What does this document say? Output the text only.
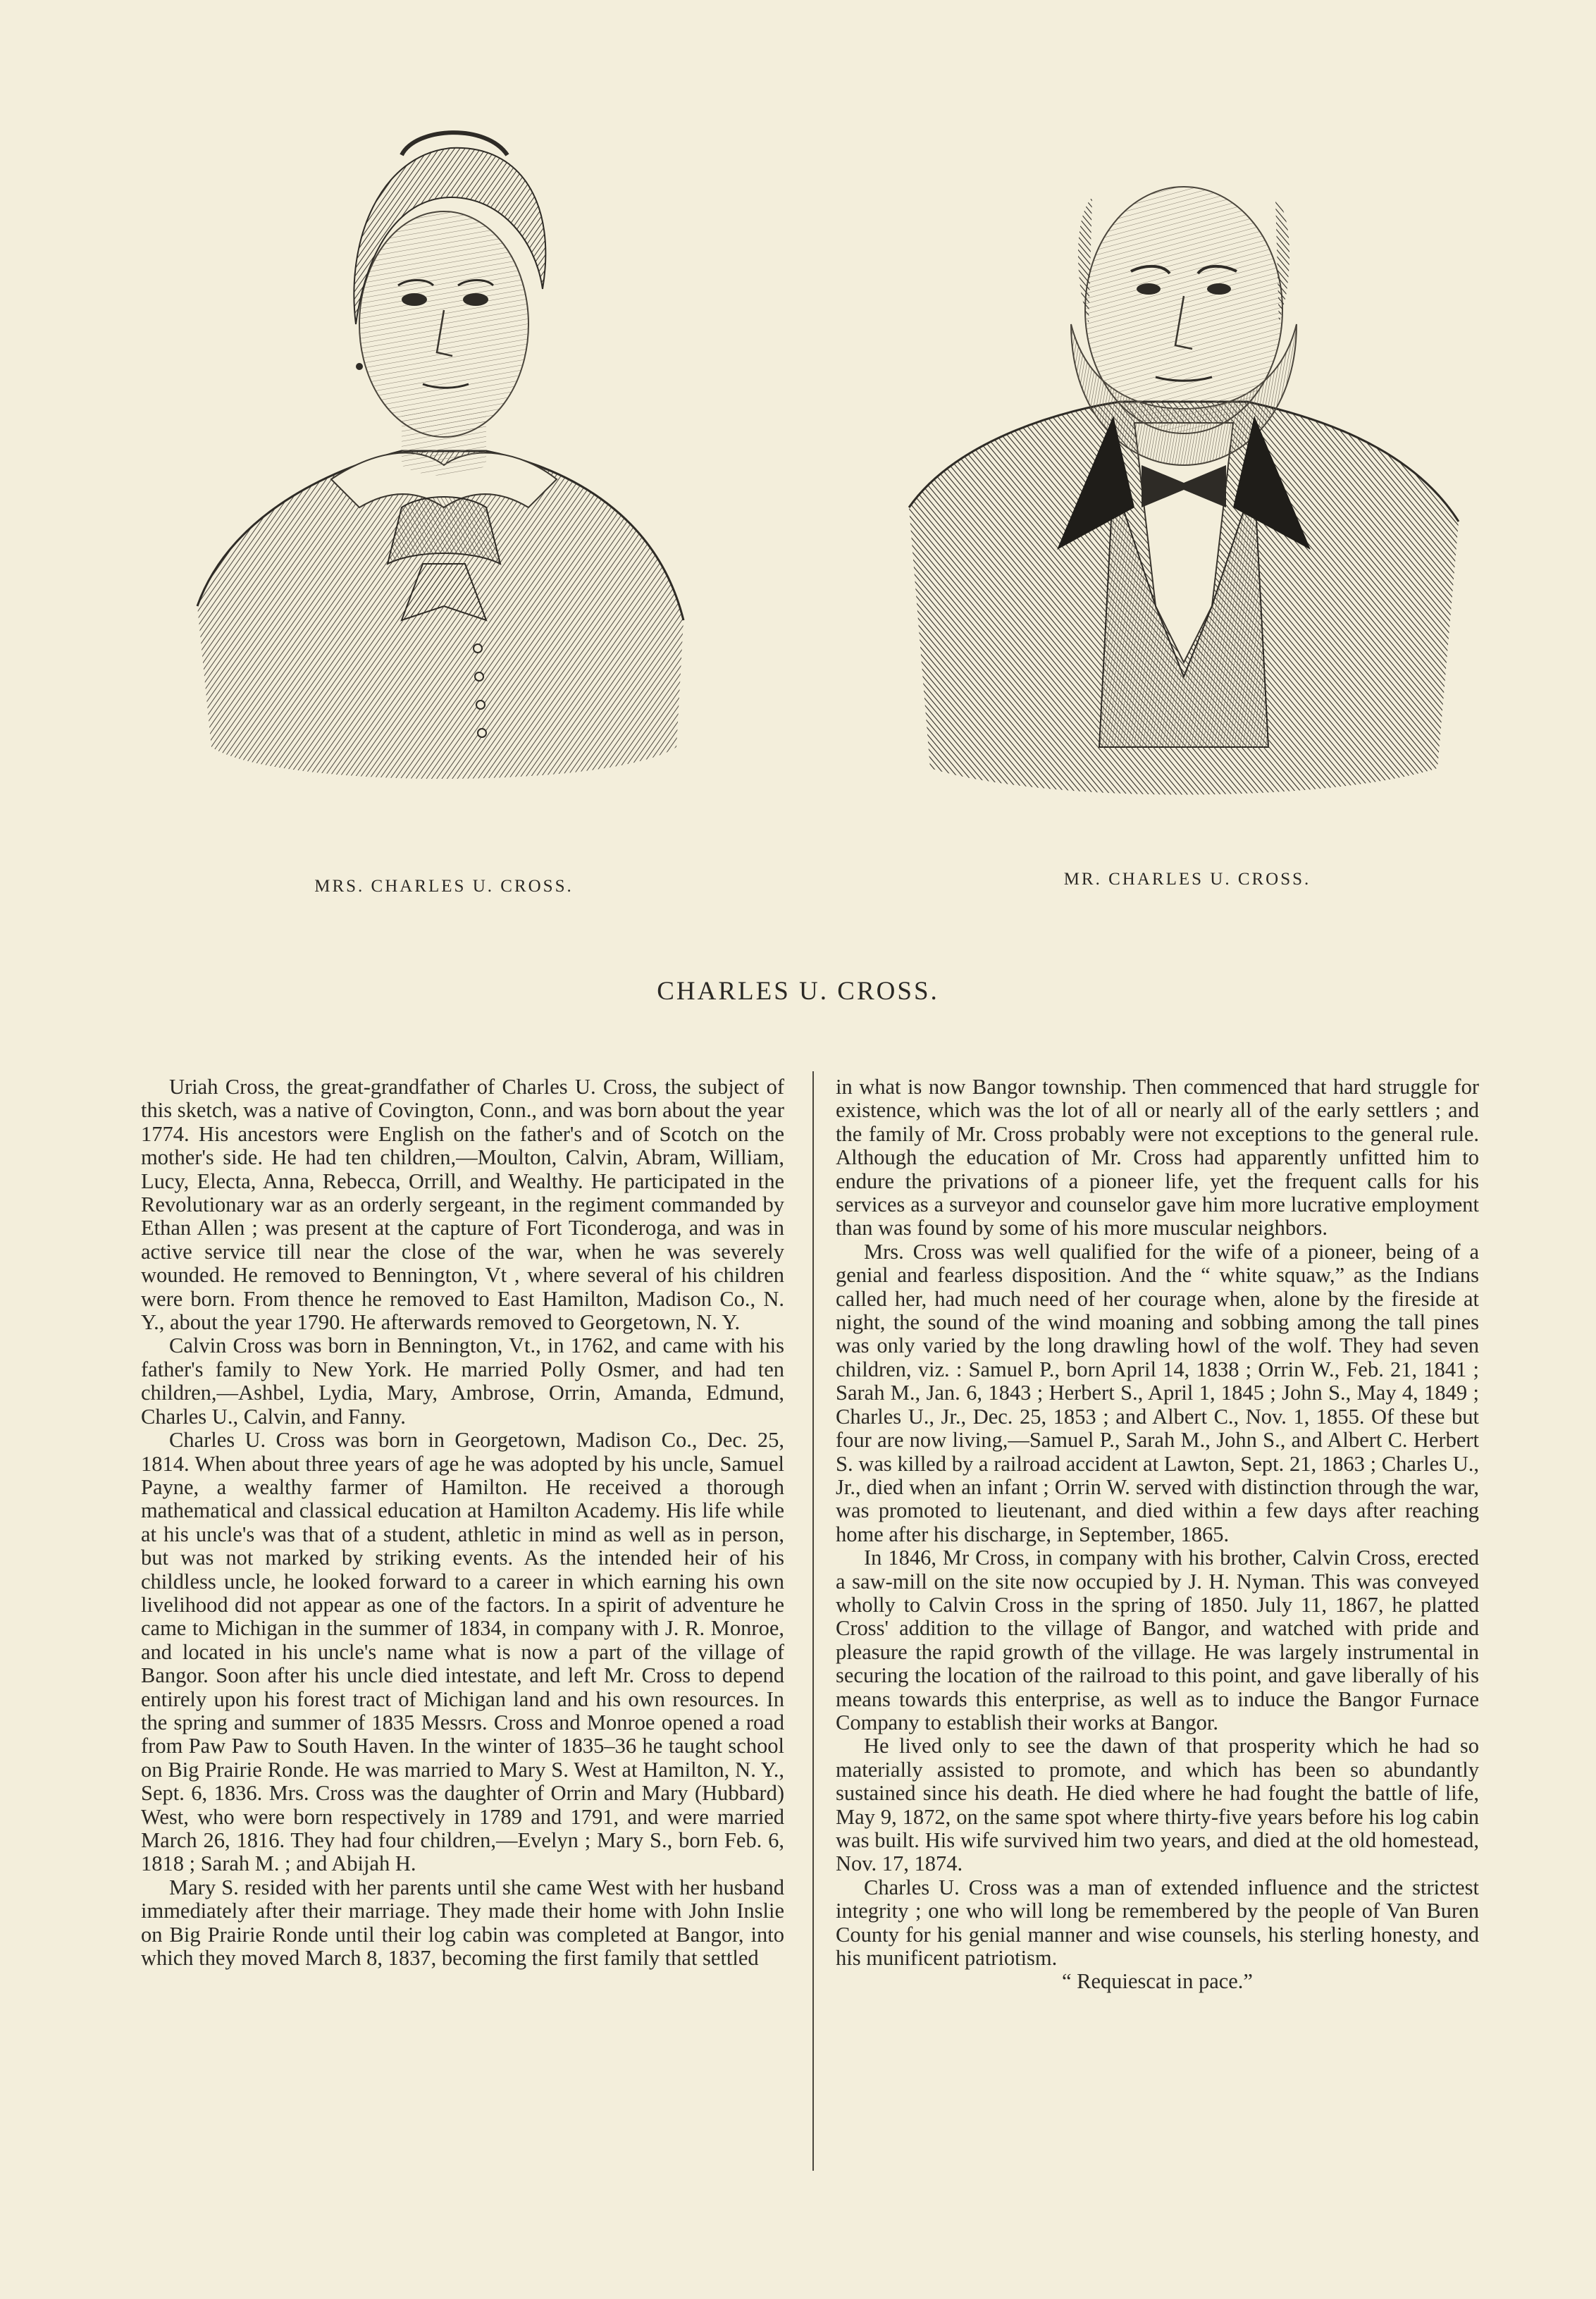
MRS. CHARLES U. CROSS.	MR. CHARLES U. CROSS.
CHARLES U. CROSS.

Uriah Cross, the great-grandfather of Charles U. Cross, the subject of this sketch, was a native of Covington, Conn., and was born about the year 1774. His ancestors were English on the father's and of Scotch on the mother's side. He had ten children,—Moulton, Calvin, Abram, William, Lucy, Electa, Anna, Rebecca, Orrill, and Wealthy. He participated in the Revolutionary war as an orderly sergeant, in the regiment commanded by Ethan Allen ; was present at the capture of Fort Ticonderoga, and was in active service till near the close of the war, when he was severely wounded. He removed to Bennington, Vt , where several of his children were born. From thence he removed to East Hamilton, Madison Co., N. Y., about the year 1790. He afterwards removed to Georgetown, N. Y.

Calvin Cross was born in Bennington, Vt., in 1762, and came with his father's family to New York. He married Polly Osmer, and had ten children,—Ashbel, Lydia, Mary, Ambrose, Orrin, Amanda, Edmund, Charles U., Calvin, and Fanny.

Charles U. Cross was born in Georgetown, Madison Co., Dec. 25, 1814. When about three years of age he was adopted by his uncle, Samuel Payne, a wealthy farmer of Hamilton. He received a thorough mathematical and classical education at Hamilton Academy. His life while at his uncle's was that of a student, athletic in mind as well as in person, but was not marked by striking events. As the intended heir of his childless uncle, he looked forward to a career in which earning his own livelihood did not appear as one of the factors. In a spirit of adventure he came to Michigan in the summer of 1834, in company with J. R. Monroe, and located in his uncle's name what is now a part of the village of Bangor. Soon after his uncle died intestate, and left Mr. Cross to depend entirely upon his forest tract of Michigan land and his own resources. In the spring and summer of 1835 Messrs. Cross and Monroe opened a road from Paw Paw to South Haven. In the winter of 1835–36 he taught school on Big Prairie Ronde. He was married to Mary S. West at Hamilton, N. Y., Sept. 6, 1836. Mrs. Cross was the daughter of Orrin and Mary (Hubbard) West, who were born respectively in 1789 and 1791, and were married March 26, 1816. They had four children,—Evelyn ; Mary S., born Feb. 6, 1818 ; Sarah M. ; and Abijah H.

Mary S. resided with her parents until she came West with her husband immediately after their marriage. They made their home with John Inslie on Big Prairie Ronde until their log cabin was completed at Bangor, into which they moved March 8, 1837, becoming the first family that settled

in what is now Bangor township. Then commenced that hard struggle for existence, which was the lot of all or nearly all of the early settlers ; and the family of Mr. Cross probably were not exceptions to the general rule. Although the education of Mr. Cross had apparently unfitted him to endure the privations of a pioneer life, yet the frequent calls for his services as a surveyor and counselor gave him more lucrative employment than was found by some of his more muscular neighbors.

Mrs. Cross was well qualified for the wife of a pioneer, being of a genial and fearless disposition. And the “ white squaw,” as the Indians called her, had much need of her courage when, alone by the fireside at night, the sound of the wind moaning and sobbing among the tall pines was only varied by the long drawling howl of the wolf. They had seven children, viz. : Samuel P., born April 14, 1838 ; Orrin W., Feb. 21, 1841 ; Sarah M., Jan. 6, 1843 ; Herbert S., April 1, 1845 ; John S., May 4, 1849 ; Charles U., Jr., Dec. 25, 1853 ; and Albert C., Nov. 1, 1855. Of these but four are now living,—Samuel P., Sarah M., John S., and Albert C. Herbert S. was killed by a railroad accident at Lawton, Sept. 21, 1863 ; Charles U., Jr., died when an infant ; Orrin W. served with distinction through the war, was promoted to lieutenant, and died within a few days after reaching home after his discharge, in September, 1865.

In 1846, Mr Cross, in company with his brother, Calvin Cross, erected a saw-mill on the site now occupied by J. H. Nyman. This was conveyed wholly to Calvin Cross in the spring of 1850. July 11, 1867, he platted Cross' addition to the village of Bangor, and watched with pride and pleasure the rapid growth of the village. He was largely instrumental in securing the location of the railroad to this point, and gave liberally of his means towards this enterprise, as well as to induce the Bangor Furnace Company to establish their works at Bangor.

He lived only to see the dawn of that prosperity which he had so materially assisted to promote, and which has been so abundantly sustained since his death. He died where he had fought the battle of life, May 9, 1872, on the same spot where thirty-five years before his log cabin was built. His wife survived him two years, and died at the old homestead, Nov. 17, 1874.

Charles U. Cross was a man of extended influence and the strictest integrity ; one who will long be remembered by the people of Van Buren County for his genial manner and wise counsels, his sterling honesty, and his munificent patriotism.

“ Requiescat in pace.”
